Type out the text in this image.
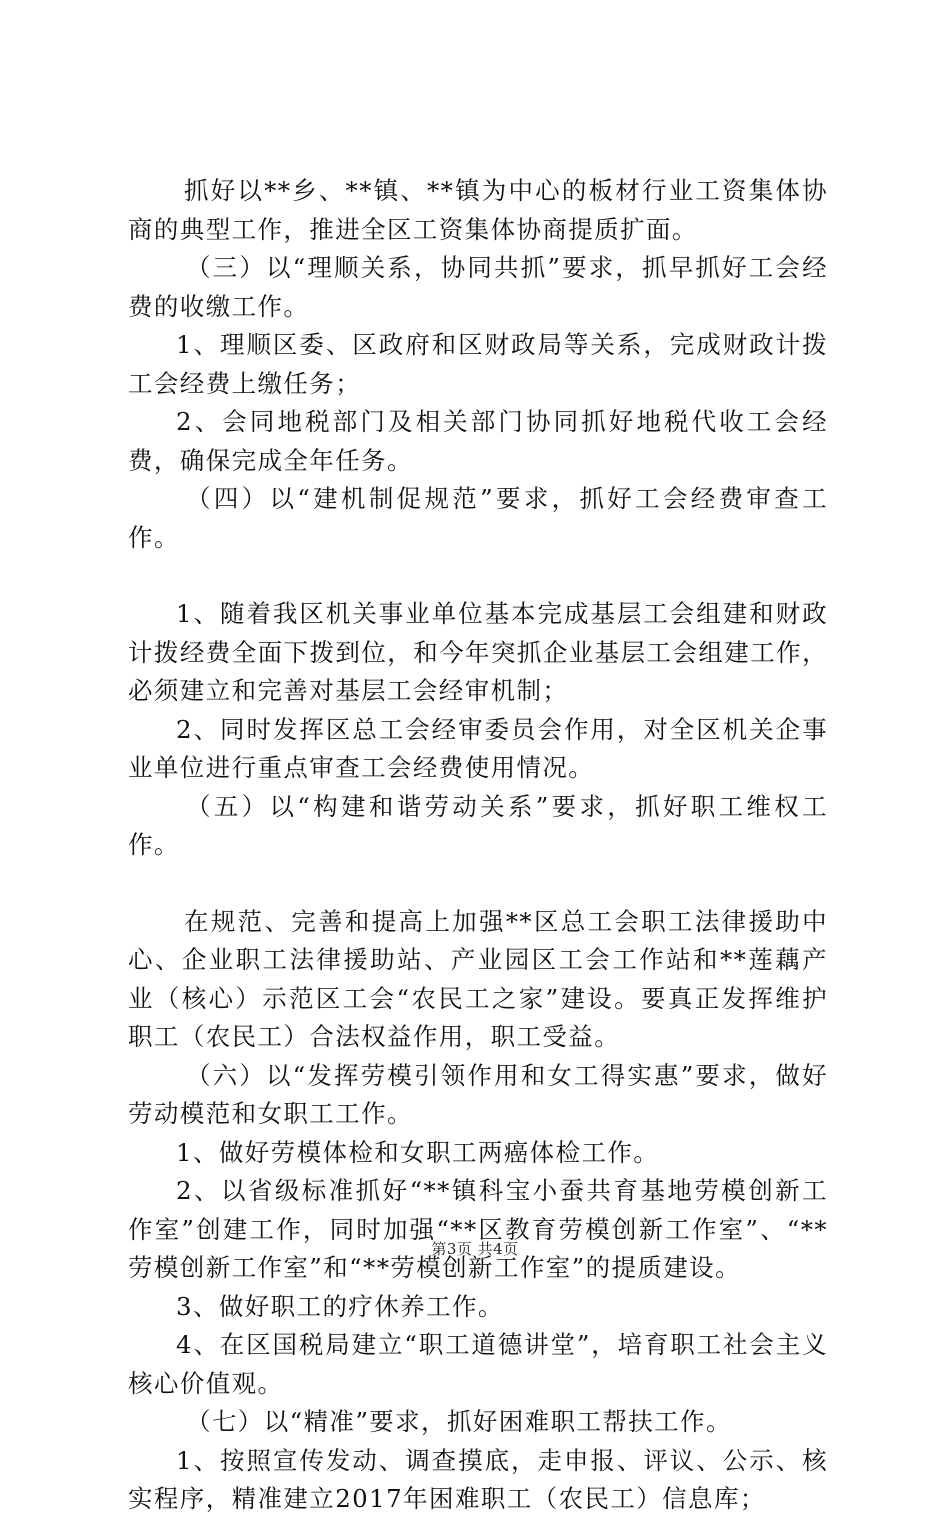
抓好以**乡、**镇、**镇为中心的板材行业工资集体协商的典型工作，推进全区工资集体协商提质扩面。

（三）以“理顺关系，协同共抓”要求，抓早抓好工会经费的收缴工作。

1、理顺区委、区政府和区财政局等关系，完成财政计拨工会经费上缴任务；

2、会同地税部门及相关部门协同抓好地税代收工会经费，确保完成全年任务。

（四）以“建机制促规范”要求，抓好工会经费审查工作。

1、随着我区机关事业单位基本完成基层工会组建和财政计拨经费全面下拨到位，和今年突抓企业基层工会组建工作，必须建立和完善对基层工会经审机制；

2、同时发挥区总工会经审委员会作用，对全区机关企事业单位进行重点审查工会经费使用情况。

（五）以“构建和谐劳动关系”要求，抓好职工维权工作。

在规范、完善和提高上加强**区总工会职工法律援助中心、企业职工法律援助站、产业园区工会工作站和**莲藕产业（核心）示范区工会“农民工之家”建设。要真正发挥维护职工（农民工）合法权益作用，职工受益。

（六）以“发挥劳模引领作用和女工得实惠”要求，做好劳动模范和女职工工作。

1、做好劳模体检和女职工两癌体检工作。

2、以省级标准抓好“**镇科宝小蚕共育基地劳模创新工作室”创建工作，同时加强“**区教育劳模创新工作室”、“**劳模创新工作室”和“**劳模创新工作室”的提质建设。

3、做好职工的疗休养工作。

4、在区国税局建立“职工道德讲堂”，培育职工社会主义核心价值观。

（七）以“精准”要求，抓好困难职工帮扶工作。

1、按照宣传发动、调查摸底，走申报、评议、公示、核实程序，精准建立2017年困难职工（农民工）信息库；

第3页 共4页
